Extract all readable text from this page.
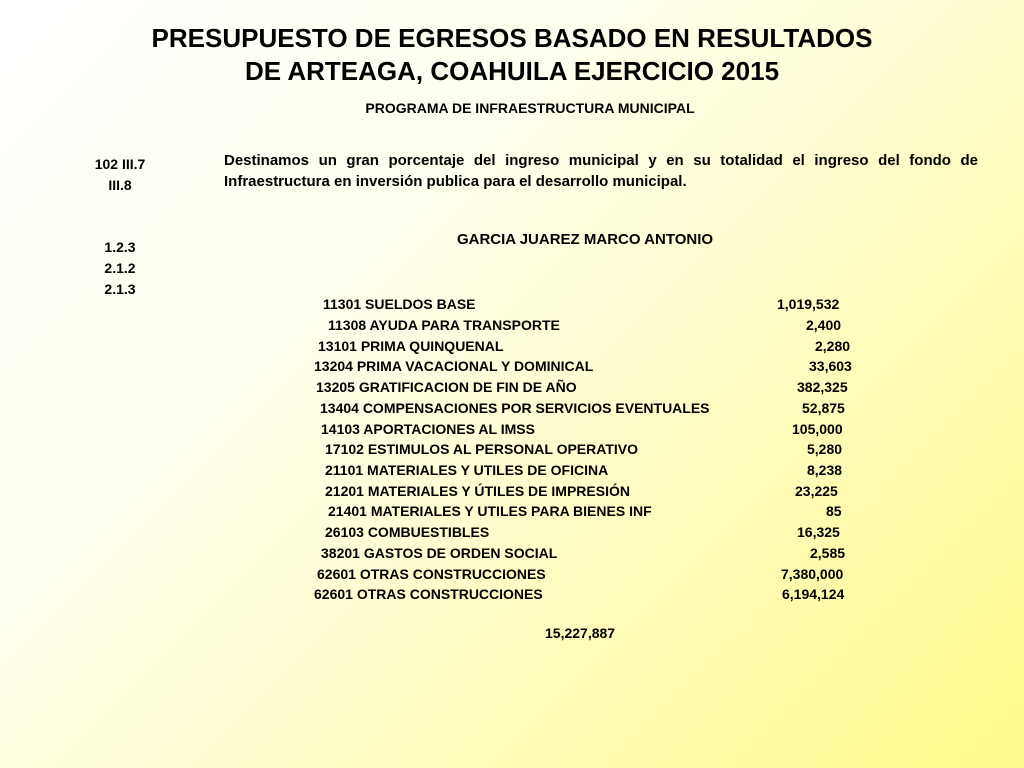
PRESUPUESTO DE EGRESOS BASADO EN RESULTADOS
DE ARTEAGA, COAHUILA EJERCICIO 2015
PROGRAMA DE INFRAESTRUCTURA MUNICIPAL
102 III.7
III.8
1.2.3
2.1.2
2.1.3

Destinamos un gran porcentaje del ingreso municipal y en su totalidad el ingreso del fondo de Infraestructura en inversión publica para el desarrollo municipal.

GARCIA JUAREZ MARCO ANTONIO
11301 SUELDOS BASE	1,019,532
11308 AYUDA PARA TRANSPORTE	2,400
13101 PRIMA QUINQUENAL	2,280
13204 PRIMA VACACIONAL Y DOMINICAL	33,603
13205 GRATIFICACION DE FIN DE AÑO	382,325
13404 COMPENSACIONES POR SERVICIOS EVENTUALES	52,875
14103 APORTACIONES AL IMSS	105,000
17102 ESTIMULOS AL PERSONAL OPERATIVO	5,280
21101 MATERIALES Y UTILES DE OFICINA	8,238
21201 MATERIALES Y ÚTILES DE IMPRESIÓN	23,225
21401 MATERIALES Y UTILES PARA BIENES INF	85
26103 COMBUESTIBLES	16,325
38201 GASTOS DE ORDEN SOCIAL	2,585
62601 OTRAS CONSTRUCCIONES	7,380,000
62601 OTRAS CONSTRUCCIONES	6,194,124
15,227,887
